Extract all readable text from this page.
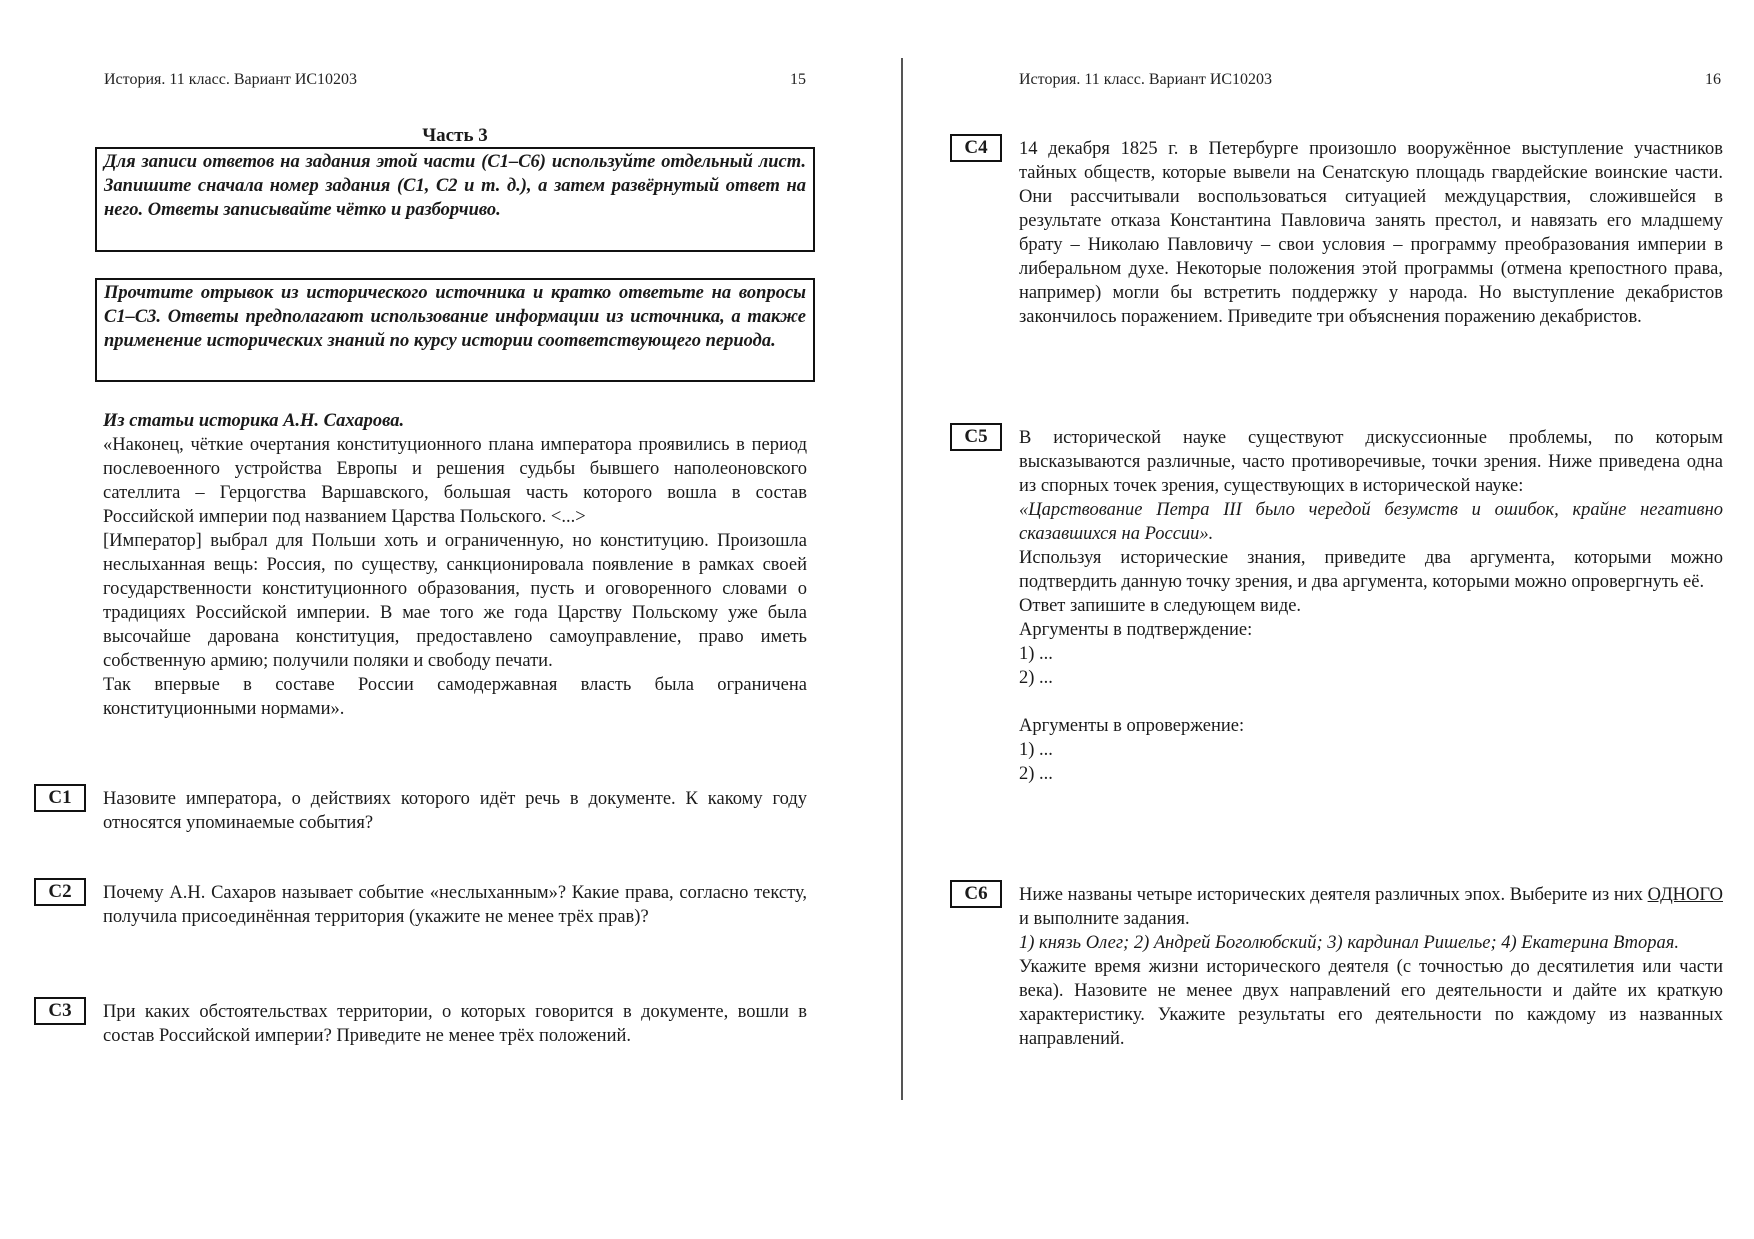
История. 11 класс. Вариант ИС10203	15
Часть 3
Для записи ответов на задания этой части (С1–С6) используйте отдельный лист. Запишите сначала номер задания (С1, С2 и т. д.), а затем развёрнутый ответ на него. Ответы записывайте чётко и разборчиво.
Прочтите отрывок из исторического источника и кратко ответьте на вопросы С1–С3. Ответы предполагают использование информации из источника, а также применение исторических знаний по курсу истории соответствующего периода.

Из статьи историка А.Н. Сахарова.

«Наконец, чёткие очертания конституционного плана императора проявились в период послевоенного устройства Европы и решения судьбы бывшего наполеоновского сателлита – Герцогства Варшавского, большая часть которого вошла в состав Российской империи под названием Царства Польского. <...>

[Император] выбрал для Польши хоть и ограниченную, но конституцию. Произошла неслыханная вещь: Россия, по существу, санкционировала появление в рамках своей государственности конституционного образования, пусть и оговоренного словами о традициях Российской империи. В мае того же года Царству Польскому уже была высочайше дарована конституция, предоставлено самоуправление, право иметь собственную армию; получили поляки и свободу печати.

Так впервые в составе России самодержавная власть была ограничена конституционными нормами».

С1	Назовите императора, о действиях которого идёт речь в документе. К какому году относятся упоминаемые события?
С2	Почему А.Н. Сахаров называет событие «неслыханным»? Какие права, согласно тексту, получила присоединённая территория (укажите не менее трёх прав)?
С3	При каких обстоятельствах территории, о которых говорится в документе, вошли в состав Российской империи? Приведите не менее трёх положений.
История. 11 класс. Вариант ИС10203	16
С4	14 декабря 1825 г. в Петербурге произошло вооружённое выступление участников тайных обществ, которые вывели на Сенатскую площадь гвардейские воинские части. Они рассчитывали воспользоваться ситуацией междуцарствия, сложившейся в результате отказа Константина Павловича занять престол, и навязать его младшему брату – Николаю Павловичу – свои условия – программу преобразования империи в либеральном духе. Некоторые положения этой программы (отмена крепостного права, например) могли бы встретить поддержку у народа. Но выступление декабристов закончилось поражением. Приведите три объяснения поражению декабристов.
С5	В исторической науке существуют дискуссионные проблемы, по которым высказываются различные, часто противоречивые, точки зрения. Ниже приведена одна из спорных точек зрения, существующих в исторической науке:

«Царствование Петра III было чередой безумств и ошибок, крайне негативно сказавшихся на России».

Используя исторические знания, приведите два аргумента, которыми можно подтвердить данную точку зрения, и два аргумента, которыми можно опровергнуть её.

Ответ запишите в следующем виде.

Аргументы в подтверждение:

1) ...

2) ...

Аргументы в опровержение:

1) ...

2) ...

С6	Ниже названы четыре исторических деятеля различных эпох. Выберите из них ОДНОГО и выполните задания.

1) князь Олег; 2) Андрей Боголюбский; 3) кардинал Ришелье; 4) Екатерина Вторая.

Укажите время жизни исторического деятеля (с точностью до десятилетия или части века). Назовите не менее двух направлений его деятельности и дайте их краткую характеристику. Укажите результаты его деятельности по каждому из названных направлений.
